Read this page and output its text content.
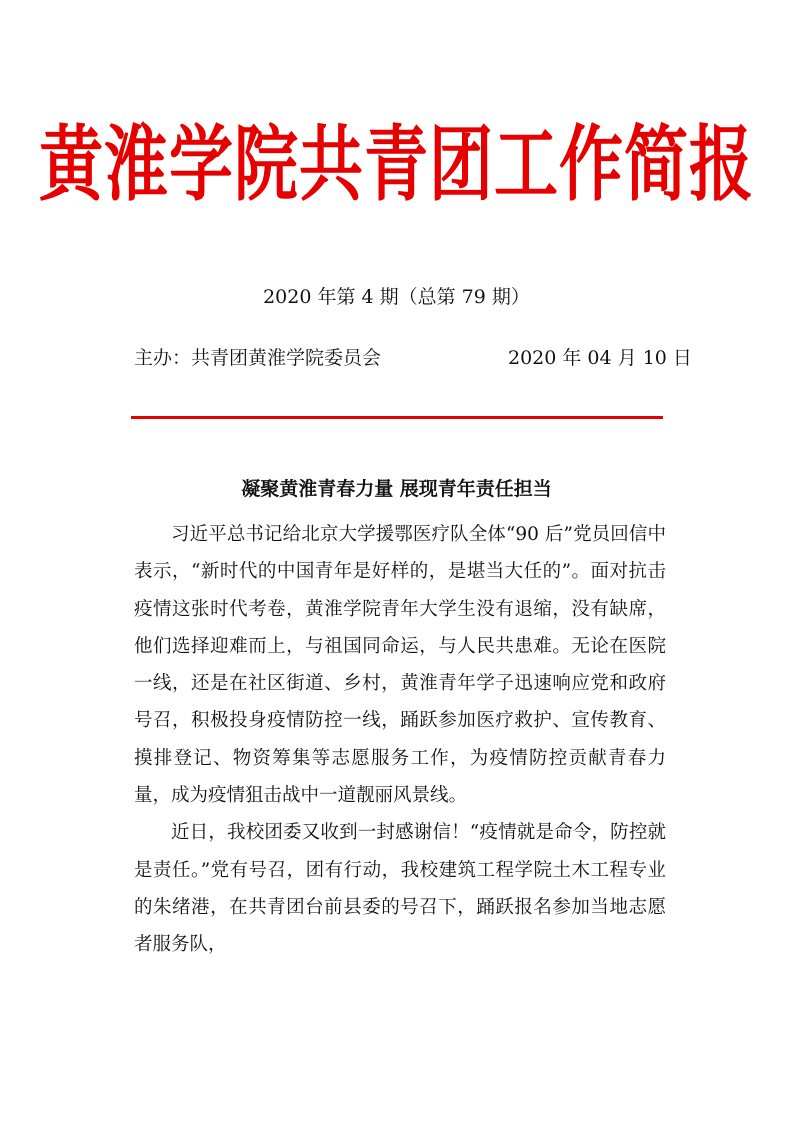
黄淮学院共青团工作简报
2020 年第 4 期（总第 79 期）
主办：共青团黄淮学院委员会	2020 年 04 月 10 日
凝聚黄淮青春力量 展现青年责任担当

习近平总书记给北京大学援鄂医疗队全体“90 后”党员回信中表示，“新时代的中国青年是好样的，是堪当大任的”。面对抗击疫情这张时代考卷，黄淮学院青年大学生没有退缩，没有缺席，他们选择迎难而上，与祖国同命运，与人民共患难。无论在医院一线，还是在社区街道、乡村，黄淮青年学子迅速响应党和政府号召，积极投身疫情防控一线，踊跃参加医疗救护、宣传教育、摸排登记、物资筹集等志愿服务工作，为疫情防控贡献青春力量，成为疫情狙击战中一道靓丽风景线。

近日，我校团委又收到一封感谢信！“疫情就是命令，防控就是责任。”党有号召，团有行动，我校建筑工程学院土木工程专业的朱绪港，在共青团台前县委的号召下，踊跃报名参加当地志愿者服务队，
